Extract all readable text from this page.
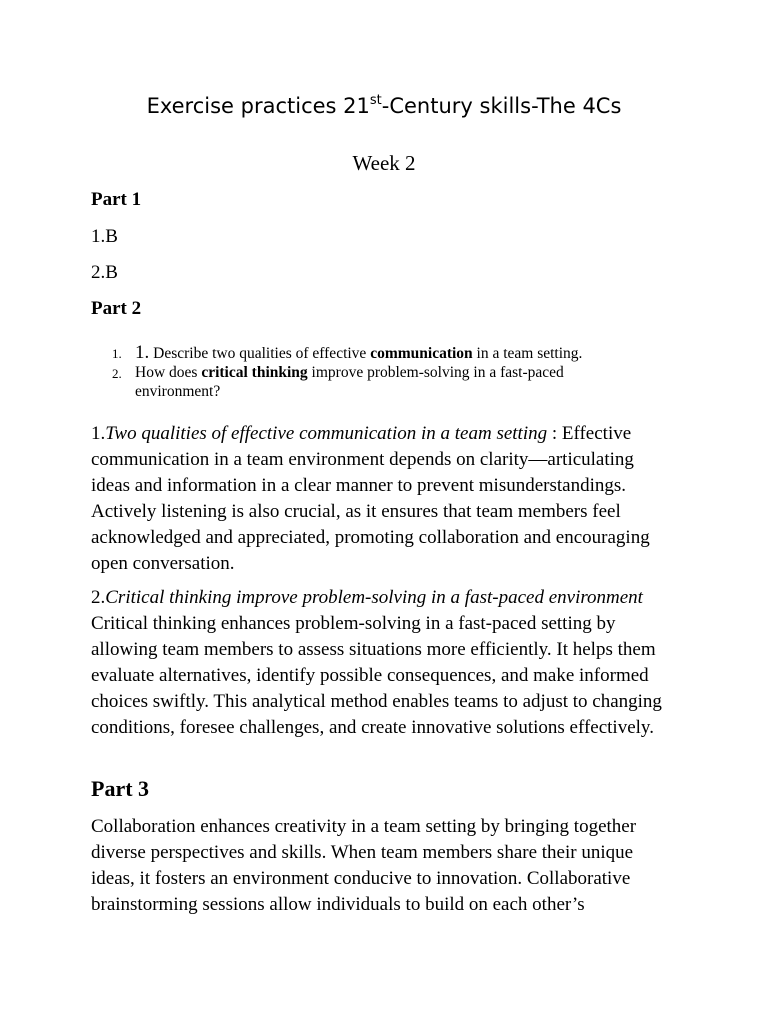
Exercise practices 21st-Century skills-The 4Cs

Week 2

Part 1

1.B

2.B

Part 2

1. 1. Describe two qualities of effective communication in a team setting.
2. How does critical thinking improve problem-solving in a fast-paced environment?

1.Two qualities of effective communication in a team setting : Effective communication in a team environment depends on clarity—articulating ideas and information in a clear manner to prevent misunderstandings. Actively listening is also crucial, as it ensures that team members feel acknowledged and appreciated, promoting collaboration and encouraging open conversation.

2.Critical thinking improve problem-solving in a fast-paced environment Critical thinking enhances problem-solving in a fast-paced setting by allowing team members to assess situations more efficiently. It helps them evaluate alternatives, identify possible consequences, and make informed choices swiftly. This analytical method enables teams to adjust to changing conditions, foresee challenges, and create innovative solutions effectively.

Part 3

Collaboration enhances creativity in a team setting by bringing together diverse perspectives and skills. When team members share their unique ideas, it fosters an environment conducive to innovation. Collaborative brainstorming sessions allow individuals to build on each other’s
